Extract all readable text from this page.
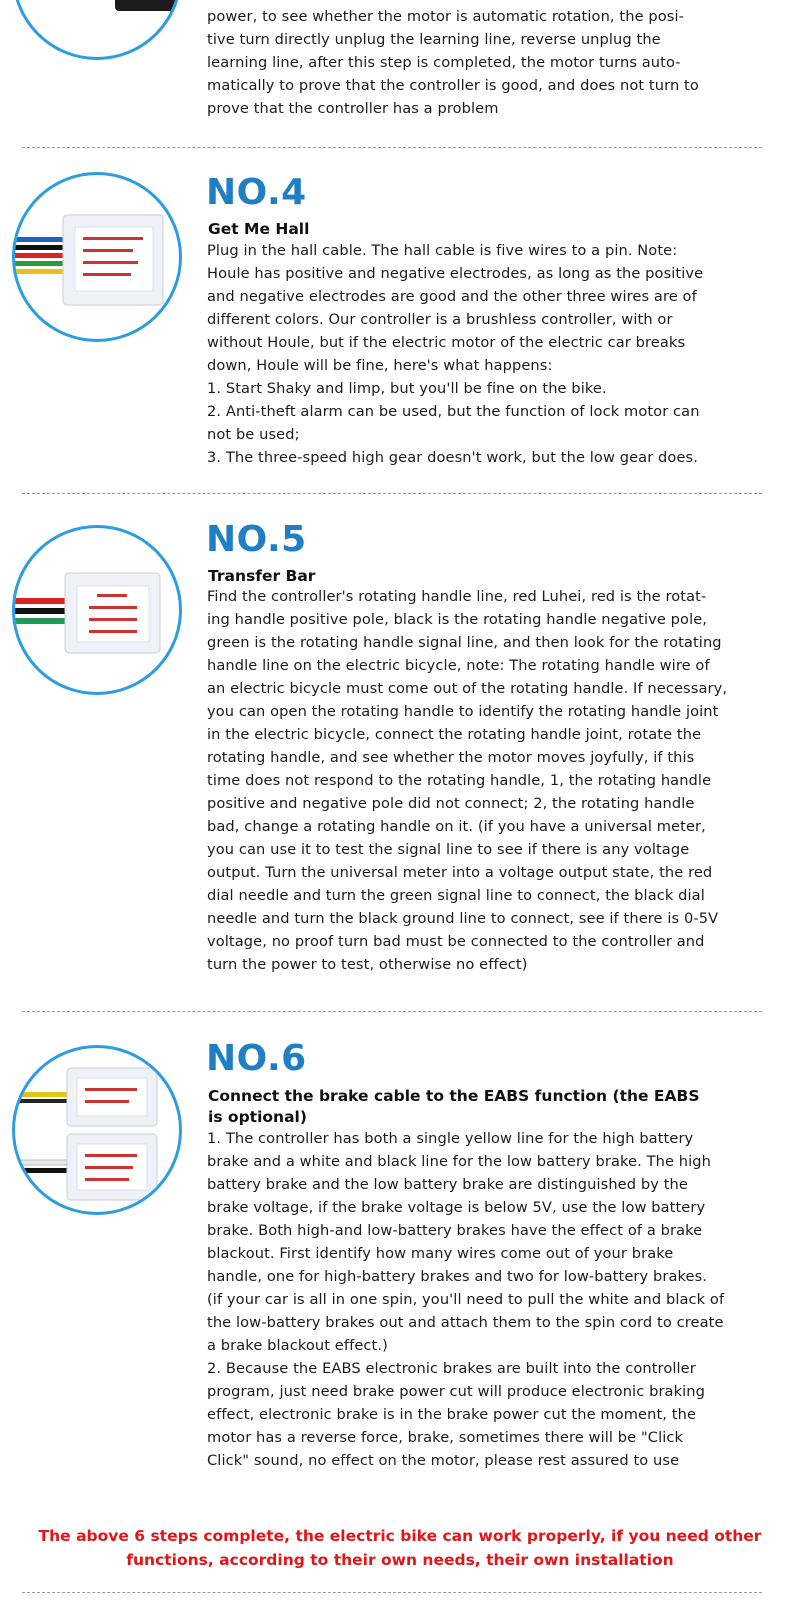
power, to see whether the motor is automatic rotation, the posi-
tive turn directly unplug the learning line, reverse unplug the
learning line, after this step is completed, the motor turns auto-
matically to prove that the controller is good, and does not turn to
prove that the controller has a problem
NO.4
Get Me Hall
Plug in the hall cable. The hall cable is five wires to a pin. Note:
Houle has positive and negative electrodes, as long as the positive
and negative electrodes are good and the other three wires are of
different colors. Our controller is a brushless controller, with or
without Houle, but if the electric motor of the electric car breaks
down, Houle will be fine, here's what happens:
1. Start Shaky and limp, but you'll be fine on the bike.
2. Anti-theft alarm can be used, but the function of lock motor can
not be used;
3. The three-speed high gear doesn't work, but the low gear does.
NO.5
Transfer Bar
Find the controller's rotating handle line, red Luhei, red is the rotat-
ing handle positive pole, black is the rotating handle negative pole,
green is the rotating handle signal line, and then look for the rotating
handle line on the electric bicycle, note: The rotating handle wire of
an electric bicycle must come out of the rotating handle. If necessary,
you can open the rotating handle to identify the rotating handle joint
in the electric bicycle, connect the rotating handle joint, rotate the
rotating handle, and see whether the motor moves joyfully, if this
time does not respond to the rotating handle, 1, the rotating handle
positive and negative pole did not connect; 2, the rotating handle
bad, change a rotating handle on it. (if you have a universal meter,
you can use it to test the signal line to see if there is any voltage
output. Turn the universal meter into a voltage output state, the red
dial needle and turn the green signal line to connect, the black dial
needle and turn the black ground line to connect, see if there is 0-5V
voltage, no proof turn bad must be connected to the controller and
turn the power to test, otherwise no effect)
NO.6
Connect the brake cable to the EABS function (the EABS
is optional)
1. The controller has both a single yellow line for the high battery
brake and a white and black line for the low battery brake. The high
battery brake and the low battery brake are distinguished by the
brake voltage, if the brake voltage is below 5V, use the low battery
brake. Both high-and low-battery brakes have the effect of a brake
blackout. First identify how many wires come out of your brake
handle, one for high-battery brakes and two for low-battery brakes.
(if your car is all in one spin, you'll need to pull the white and black of
the low-battery brakes out and attach them to the spin cord to create
a brake blackout effect.)
2. Because the EABS electronic brakes are built into the controller
program, just need brake power cut will produce electronic braking
effect, electronic brake is in the brake power cut the moment, the
motor has a reverse force, brake, sometimes there will be "Click
Click" sound, no effect on the motor, please rest assured to use
The above 6 steps complete, the electric bike can work properly, if you need other
functions, according to their own needs, their own installation
